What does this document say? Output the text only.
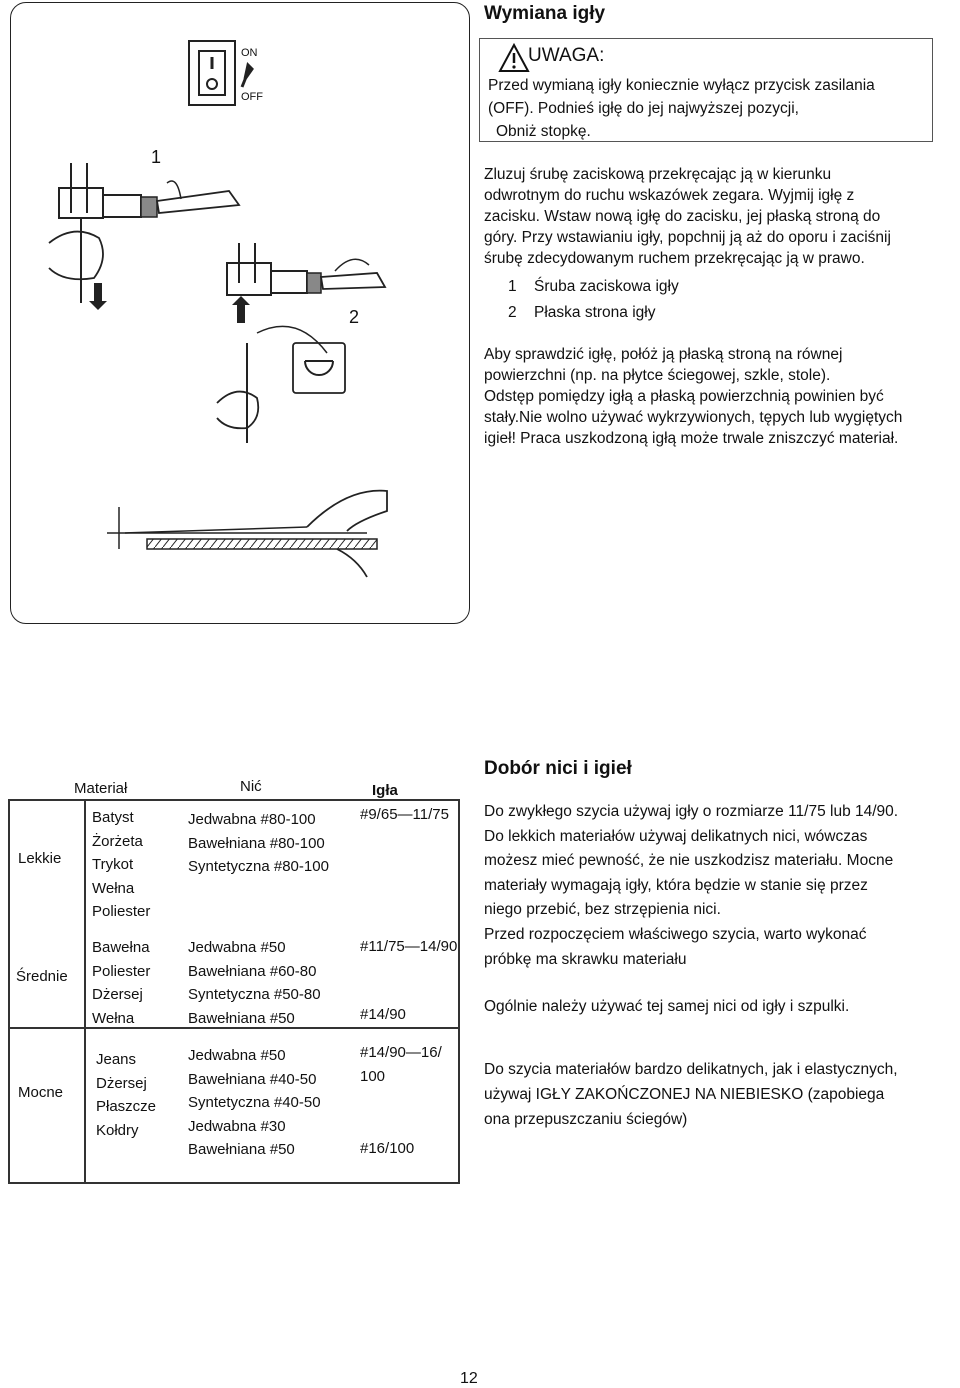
ON
OFF
1
2
Wymiana igły
UWAGA:
Przed wymianą igły koniecznie wyłącz przycisk zasilania
(OFF). Podnieś igłę do jej najwyższej pozycji,
Obniż stopkę.
Zluzuj śrubę zaciskową przekręcając ją w kierunku
odwrotnym do ruchu wskazówek zegara. Wyjmij igłę z
zacisku. Wstaw nową igłę do zacisku, jej płaską stroną do
góry. Przy wstawianiu igły, popchnij ją aż do oporu i zaciśnij
śrubę zdecydowanym ruchem przekręcając ją w prawo.
1 Śruba zaciskowa igły
2 Płaska strona igły
Aby sprawdzić igłę, połóż ją płaską stroną na równej
powierzchni (np. na płytce ściegowej, szkle, stole).
Odstęp pomiędzy igłą a płaską powierzchnią powinien być
stały.Nie wolno używać wykrzywionych, tępych lub wygiętych
igieł! Praca uszkodzoną igłą może trwale zniszczyć materiał.
Materiał	Nić	Igła
Lekkie
Średnie
Mocne
Batyst
Żorżeta
Trykot
Wełna
Poliester
Jedwabna #80-100
Bawełniana #80-100
Syntetyczna #80-100
#9/65—11/75
Bawełna
Poliester
Dżersej
Wełna
Jedwabna #50
Bawełniana #60-80
Syntetyczna #50-80
Bawełniana #50
#11/75—14/90
#14/90
Jeans
Dżersej
Płaszcze
Kołdry
Jedwabna #50
Bawełniana #40-50
Syntetyczna #40-50
Jedwabna #30
Bawełniana #50
#14/90—16/
100
#16/100
Dobór nici i igieł
Do zwykłego szycia używaj igły o rozmiarze 11/75 lub 14/90.
Do lekkich materiałów używaj delikatnych nici, wówczas
możesz mieć pewność, że nie uszkodzisz materiału. Mocne
materiały wymagają igły, która będzie w stanie się przez
niego przebić, bez strzępienia nici.
Przed rozpoczęciem właściwego szycia, warto wykonać
próbkę ma skrawku materiału
Ogólnie należy używać tej samej nici od igły i szpulki.
Do szycia materiałów bardzo delikatnych, jak i elastycznych,
używaj IGŁY ZAKOŃCZONEJ NA NIEBIESKO (zapobiega
ona przepuszczaniu ściegów)
12
